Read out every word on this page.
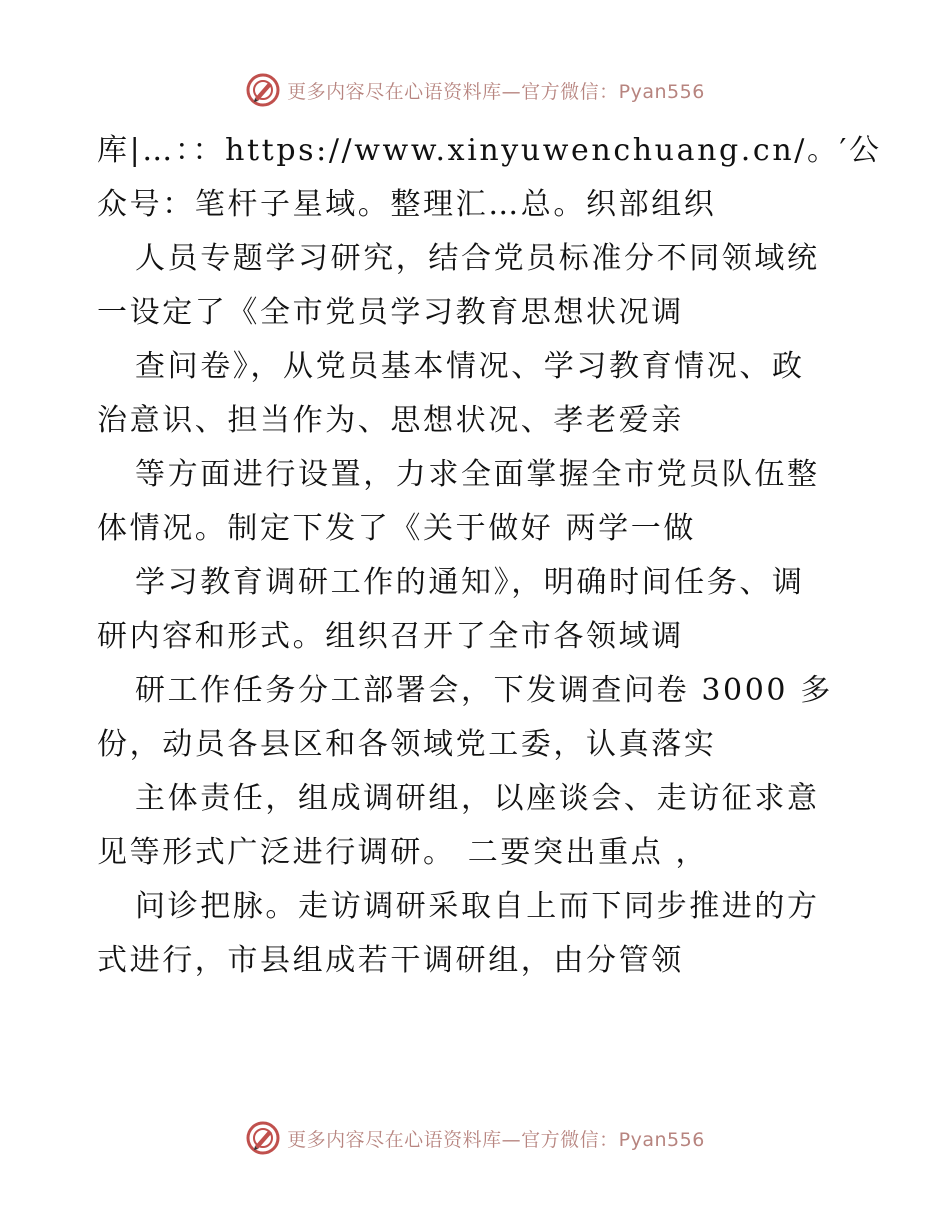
更多内容尽在心语资料库—官方微信：Pyan556
库|…：：https://www.xinyuwenchuang.cn/。′公
众号：笔杆子星域。整理汇…总。织部组织
人员专题学习研究，结合党员标准分不同领域统
一设定了《全市党员学习教育思想状况调
查问卷》，从党员基本情况、学习教育情况、政
治意识、担当作为、思想状况、孝老爱亲
等方面进行设置，力求全面掌握全市党员队伍整
体情况。制定下发了《关于做好 两学一做
学习教育调研工作的通知》，明确时间任务、调
研内容和形式。组织召开了全市各领域调
研工作任务分工部署会，下发调查问卷 3000 多
份，动员各县区和各领域党工委，认真落实
主体责任，组成调研组，以座谈会、走访征求意
见等形式广泛进行调研。 二要突出重点 ，
问诊把脉。走访调研采取自上而下同步推进的方
式进行，市县组成若干调研组，由分管领
更多内容尽在心语资料库—官方微信：Pyan556
